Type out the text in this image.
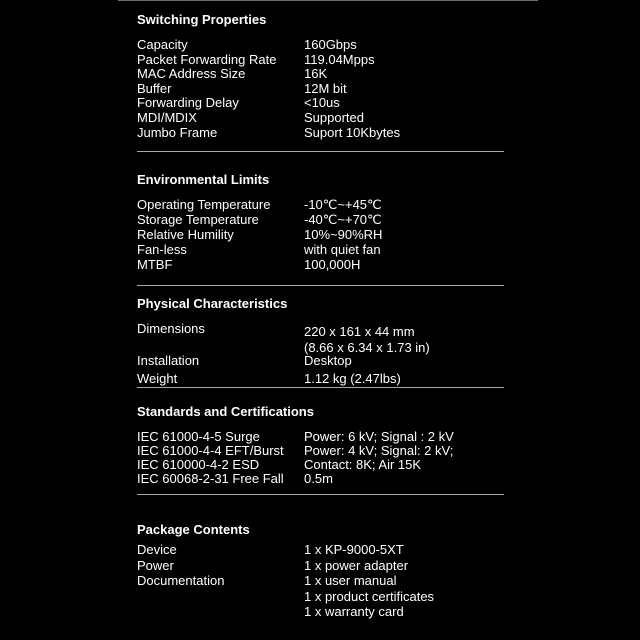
Switching Properties
Capacity	160Gbps
Packet Forwarding Rate 119.04Mpps
MAC Address Size	16K
Buffer	12M bit
Forwarding Delay	<10us
MDI/MDIX	Supported
Jumbo Frame	Suport 10Kbytes
Environmental Limits
Operating Temperature	-10℃~+45℃
Storage Temperature	-40℃~+70℃
Relative Humility	10%~90%RH
Fan-less	with quiet fan
MTBF	100,000H
Physical Characteristics
Dimensions	220 x 161 x 44 mm
(8.66 x 6.34 x 1.73 in)
Installation	Desktop
Weight	1.12 kg (2.47lbs)
Standards and Certifications
IEC 61000-4-5 Surge	Power: 6 kV; Signal : 2 kV
IEC 61000-4-4 EFT/Burst Power: 4 kV; Signal: 2 kV;
IEC 610000-4-2 ESD	Contact: 8K; Air 15K
IEC 60068-2-31 Free Fall 0.5m
Package Contents
Device	1 x KP-9000-5XT
Power	1 x power adapter
Documentation	1 x user manual
1 x product certificates
1 x warranty card
